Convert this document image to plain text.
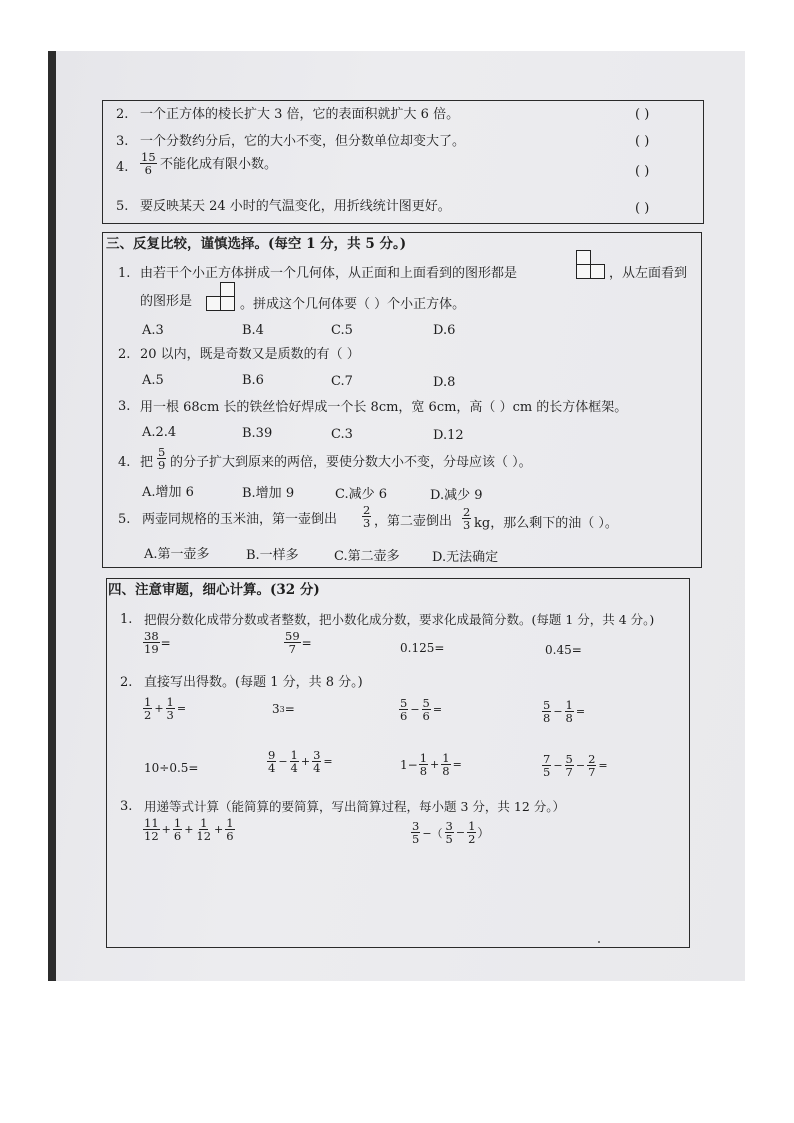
2. 一个正方体的棱长扩大 3 倍，它的表面积就扩大 6 倍。	( )
3. 一个分数约分后，它的大小不变，但分数单位却变大了。	( )
4. $\frac{15}{6}$ 不能化成有限小数。	( )
5. 要反映某天 24 小时的气温变化，用折线统计图更好。	( )
三、反复比较，谨慎选择。(每空 1 分，共 5 分。)
1. 由若干个小正方体拼成一个几何体，从正面和上面看到的图形都是	，从左面看到
的图形是	。拼成这个几何体要（ ）个小正方体。
A.3	B.4	C.5	D.6
2. 20 以内，既是奇数又是质数的有（ ）
A.5	B.6	C.7	D.8
3. 用一根 68cm 长的铁丝恰好焊成一个长 8cm，宽 6cm，高（ ）cm 的长方体框架。
A.2.4	B.39	C.3	D.12
4. 把 $\frac{5}{9}$ 的分子扩大到原来的两倍，要使分数大小不变，分母应该（ ）。
A.增加 6	B.增加 9	C.减少 6	D.减少 9
5. 两壶同规格的玉米油，第一壶倒出 $\frac{2}{3}$ ，第二壶倒出 $\frac{2}{3}$ kg，那么剩下的油（ ）。
A.第一壶多	B.一样多	C.第二壶多 D.无法确定
四、注意审题，细心计算。(32 分)
1. 把假分数化成带分数或者整数，把小数化成分数，要求化成最简分数。(每题 1 分，共 4 分。)
$\frac{38}{19}$ =	$\frac{59}{7}$ =	0.125=	0.45=
2. 直接写出得数。(每题 1 分，共 8 分。)
$\frac{1}{2} + \frac{1}{3}$ =	3 3 =	$\frac{5}{6} - \frac{5}{6}$ =	$\frac{5}{8} - \frac{1}{8}$ =
10÷0.5=	$\frac{9}{4} - \frac{1}{4} + \frac{3}{4}$ =	$1- \frac{1}{8} + \frac{1}{8}$ =	$\frac{7}{5} - \frac{5}{7} - \frac{2}{7}$ =
3. 用递等式计算（能简算的要简算，写出简算过程，每小题 3 分，共 12 分。）
$\frac{11}{12} + \frac{1}{6} + \frac{1}{12} + \frac{1}{6}$	$\frac{3}{5}$ −（ $\frac{3}{5} - \frac{1}{2}$ ）
